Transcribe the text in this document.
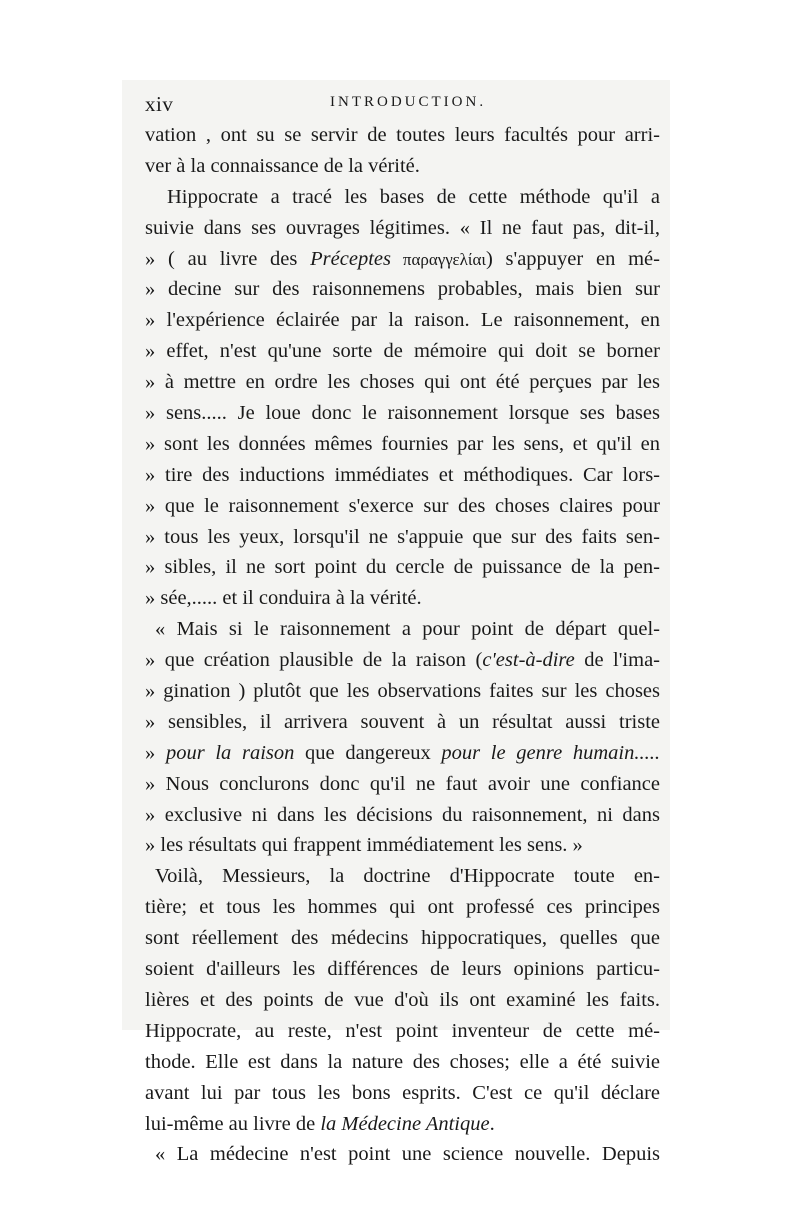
xiv	INTRODUCTION.
vation , ont su se servir de toutes leurs facultés pour arri-
ver à la connaissance de la vérité.
Hippocrate a tracé les bases de cette méthode qu'il a
suivie dans ses ouvrages légitimes. « Il ne faut pas, dit-il,
» ( au livre des Préceptes παραγγελίαι) s'appuyer en mé-
» decine sur des raisonnemens probables, mais bien sur
» l'expérience éclairée par la raison. Le raisonnement, en
» effet, n'est qu'une sorte de mémoire qui doit se borner
» à mettre en ordre les choses qui ont été perçues par les
» sens..... Je loue donc le raisonnement lorsque ses bases
» sont les données mêmes fournies par les sens, et qu'il en
» tire des inductions immédiates et méthodiques. Car lors-
» que le raisonnement s'exerce sur des choses claires pour
» tous les yeux, lorsqu'il ne s'appuie que sur des faits sen-
» sibles, il ne sort point du cercle de puissance de la pen-
» sée,..... et il conduira à la vérité.
« Mais si le raisonnement a pour point de départ quel-
» que création plausible de la raison (c'est-à-dire de l'ima-
» gination ) plutôt que les observations faites sur les choses
» sensibles, il arrivera souvent à un résultat aussi triste
» pour la raison que dangereux pour le genre humain.....
» Nous conclurons donc qu'il ne faut avoir une confiance
» exclusive ni dans les décisions du raisonnement, ni dans
» les résultats qui frappent immédiatement les sens. »
Voilà, Messieurs, la doctrine d'Hippocrate toute en-
tière; et tous les hommes qui ont professé ces principes
sont réellement des médecins hippocratiques, quelles que
soient d'ailleurs les différences de leurs opinions particu-
lières et des points de vue d'où ils ont examiné les faits.
Hippocrate, au reste, n'est point inventeur de cette mé-
thode. Elle est dans la nature des choses; elle a été suivie
avant lui par tous les bons esprits. C'est ce qu'il déclare
lui-même au livre de la Médecine Antique.
« La médecine n'est point une science nouvelle. Depuis
